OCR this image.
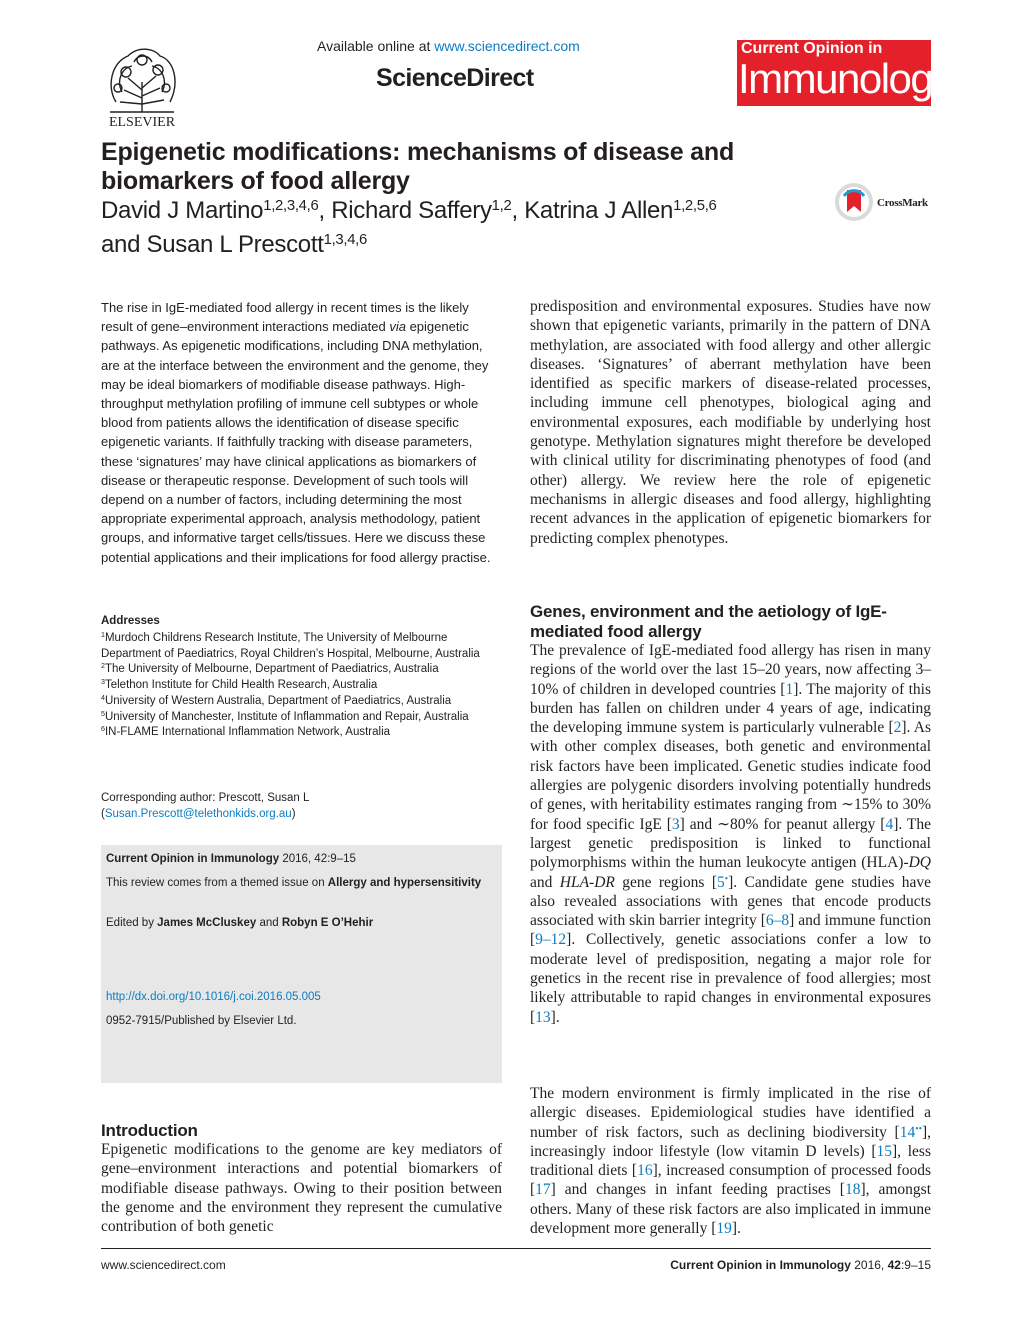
ELSEVIER
Available online at www.sciencedirect.com
ScienceDirect
Current Opinion in
Immunology
Epigenetic modifications: mechanisms of disease and biomarkers of food allergy
David J Martino$^{1,2,3,4,6}$, Richard Saffery$^{1,2}$, Katrina J Allen$^{1,2,5,6}$
and Susan L Prescott$^{1,3,4,6}$
CrossMark
The rise in IgE-mediated food allergy in recent times is the likely result of gene–environment interactions mediated via epigenetic pathways. As epigenetic modifications, including DNA methylation, are at the interface between the environment and the genome, they may be ideal biomarkers of modifiable disease pathways. High-throughput methylation profiling of immune cell subtypes or whole blood from patients allows the identification of disease specific epigenetic variants. If faithfully tracking with disease parameters, these ‘signatures’ may have clinical applications as biomarkers of disease or therapeutic response. Development of such tools will depend on a number of factors, including determining the most appropriate experimental approach, analysis methodology, patient groups, and informative target cells/tissues. Here we discuss these potential applications and their implications for food allergy practise.
Addresses

$^1$Murdoch Childrens Research Institute, The University of Melbourne Department of Paediatrics, Royal Children’s Hospital, Melbourne, Australia

$^2$The University of Melbourne, Department of Paediatrics, Australia

$^3$Telethon Institute for Child Health Research, Australia

$^4$University of Western Australia, Department of Paediatrics, Australia

$^5$University of Manchester, Institute of Inflammation and Repair, Australia

$^6$IN-FLAME International Inflammation Network, Australia

Corresponding author: Prescott, Susan L
(Susan.Prescott@telethonkids.org.au)
Current Opinion in Immunology 2016, 42:9–15
This review comes from a themed issue on Allergy and hypersensitivity
Edited by James McCluskey and Robyn E O’Hehir
http://dx.doi.org/10.1016/j.coi.2016.05.005
0952-7915/Published by Elsevier Ltd.
Introduction
Epigenetic modifications to the genome are key mediators of gene–environment interactions and potential biomarkers of modifiable disease pathways. Owing to their position between the genome and the environment they represent the cumulative contribution of both genetic
predisposition and environmental exposures. Studies have now shown that epigenetic variants, primarily in the pattern of DNA methylation, are associated with food allergy and other allergic diseases. ‘Signatures’ of aberrant methylation have been identified as specific markers of disease-related processes, including immune cell phenotypes, biological aging and environmental exposures, each modifiable by underlying host genotype. Methylation signatures might therefore be developed with clinical utility for discriminating phenotypes of food (and other) allergy. We review here the role of epigenetic mechanisms in allergic diseases and food allergy, highlighting recent advances in the application of epigenetic biomarkers for predicting complex phenotypes.
Genes, environment and the aetiology of IgE-mediated food allergy
The prevalence of IgE-mediated food allergy has risen in many regions of the world over the last 15–20 years, now affecting 3–10% of children in developed countries [1]. The majority of this burden has fallen on children under 4 years of age, indicating the developing immune system is particularly vulnerable [2]. As with other complex diseases, both genetic and environmental risk factors have been implicated. Genetic studies indicate food allergies are polygenic disorders involving potentially hundreds of genes, with heritability estimates ranging from ∼15% to 30% for food specific IgE [3] and ∼80% for peanut allergy [4]. The largest genetic predisposition is linked to functional polymorphisms within the human leukocyte antigen (HLA)-DQ and HLA-DR gene regions [5•]. Candidate gene studies have also revealed associations with genes that encode products associated with skin barrier integrity [6–8] and immune function [9–12]. Collectively, genetic associations confer a low to moderate level of predisposition, negating a major role for genetics in the recent rise in prevalence of food allergies; most likely attributable to rapid changes in environmental exposures [13].
The modern environment is firmly implicated in the rise of allergic diseases. Epidemiological studies have identified a number of risk factors, such as declining biodiversity [14••], increasingly indoor lifestyle (low vitamin D levels) [15], less traditional diets [16], increased consumption of processed foods [17] and changes in infant feeding practises [18], amongst others. Many of these risk factors are also implicated in immune development more generally [19].
www.sciencedirect.com	Current Opinion in Immunology 2016, 42:9–15
